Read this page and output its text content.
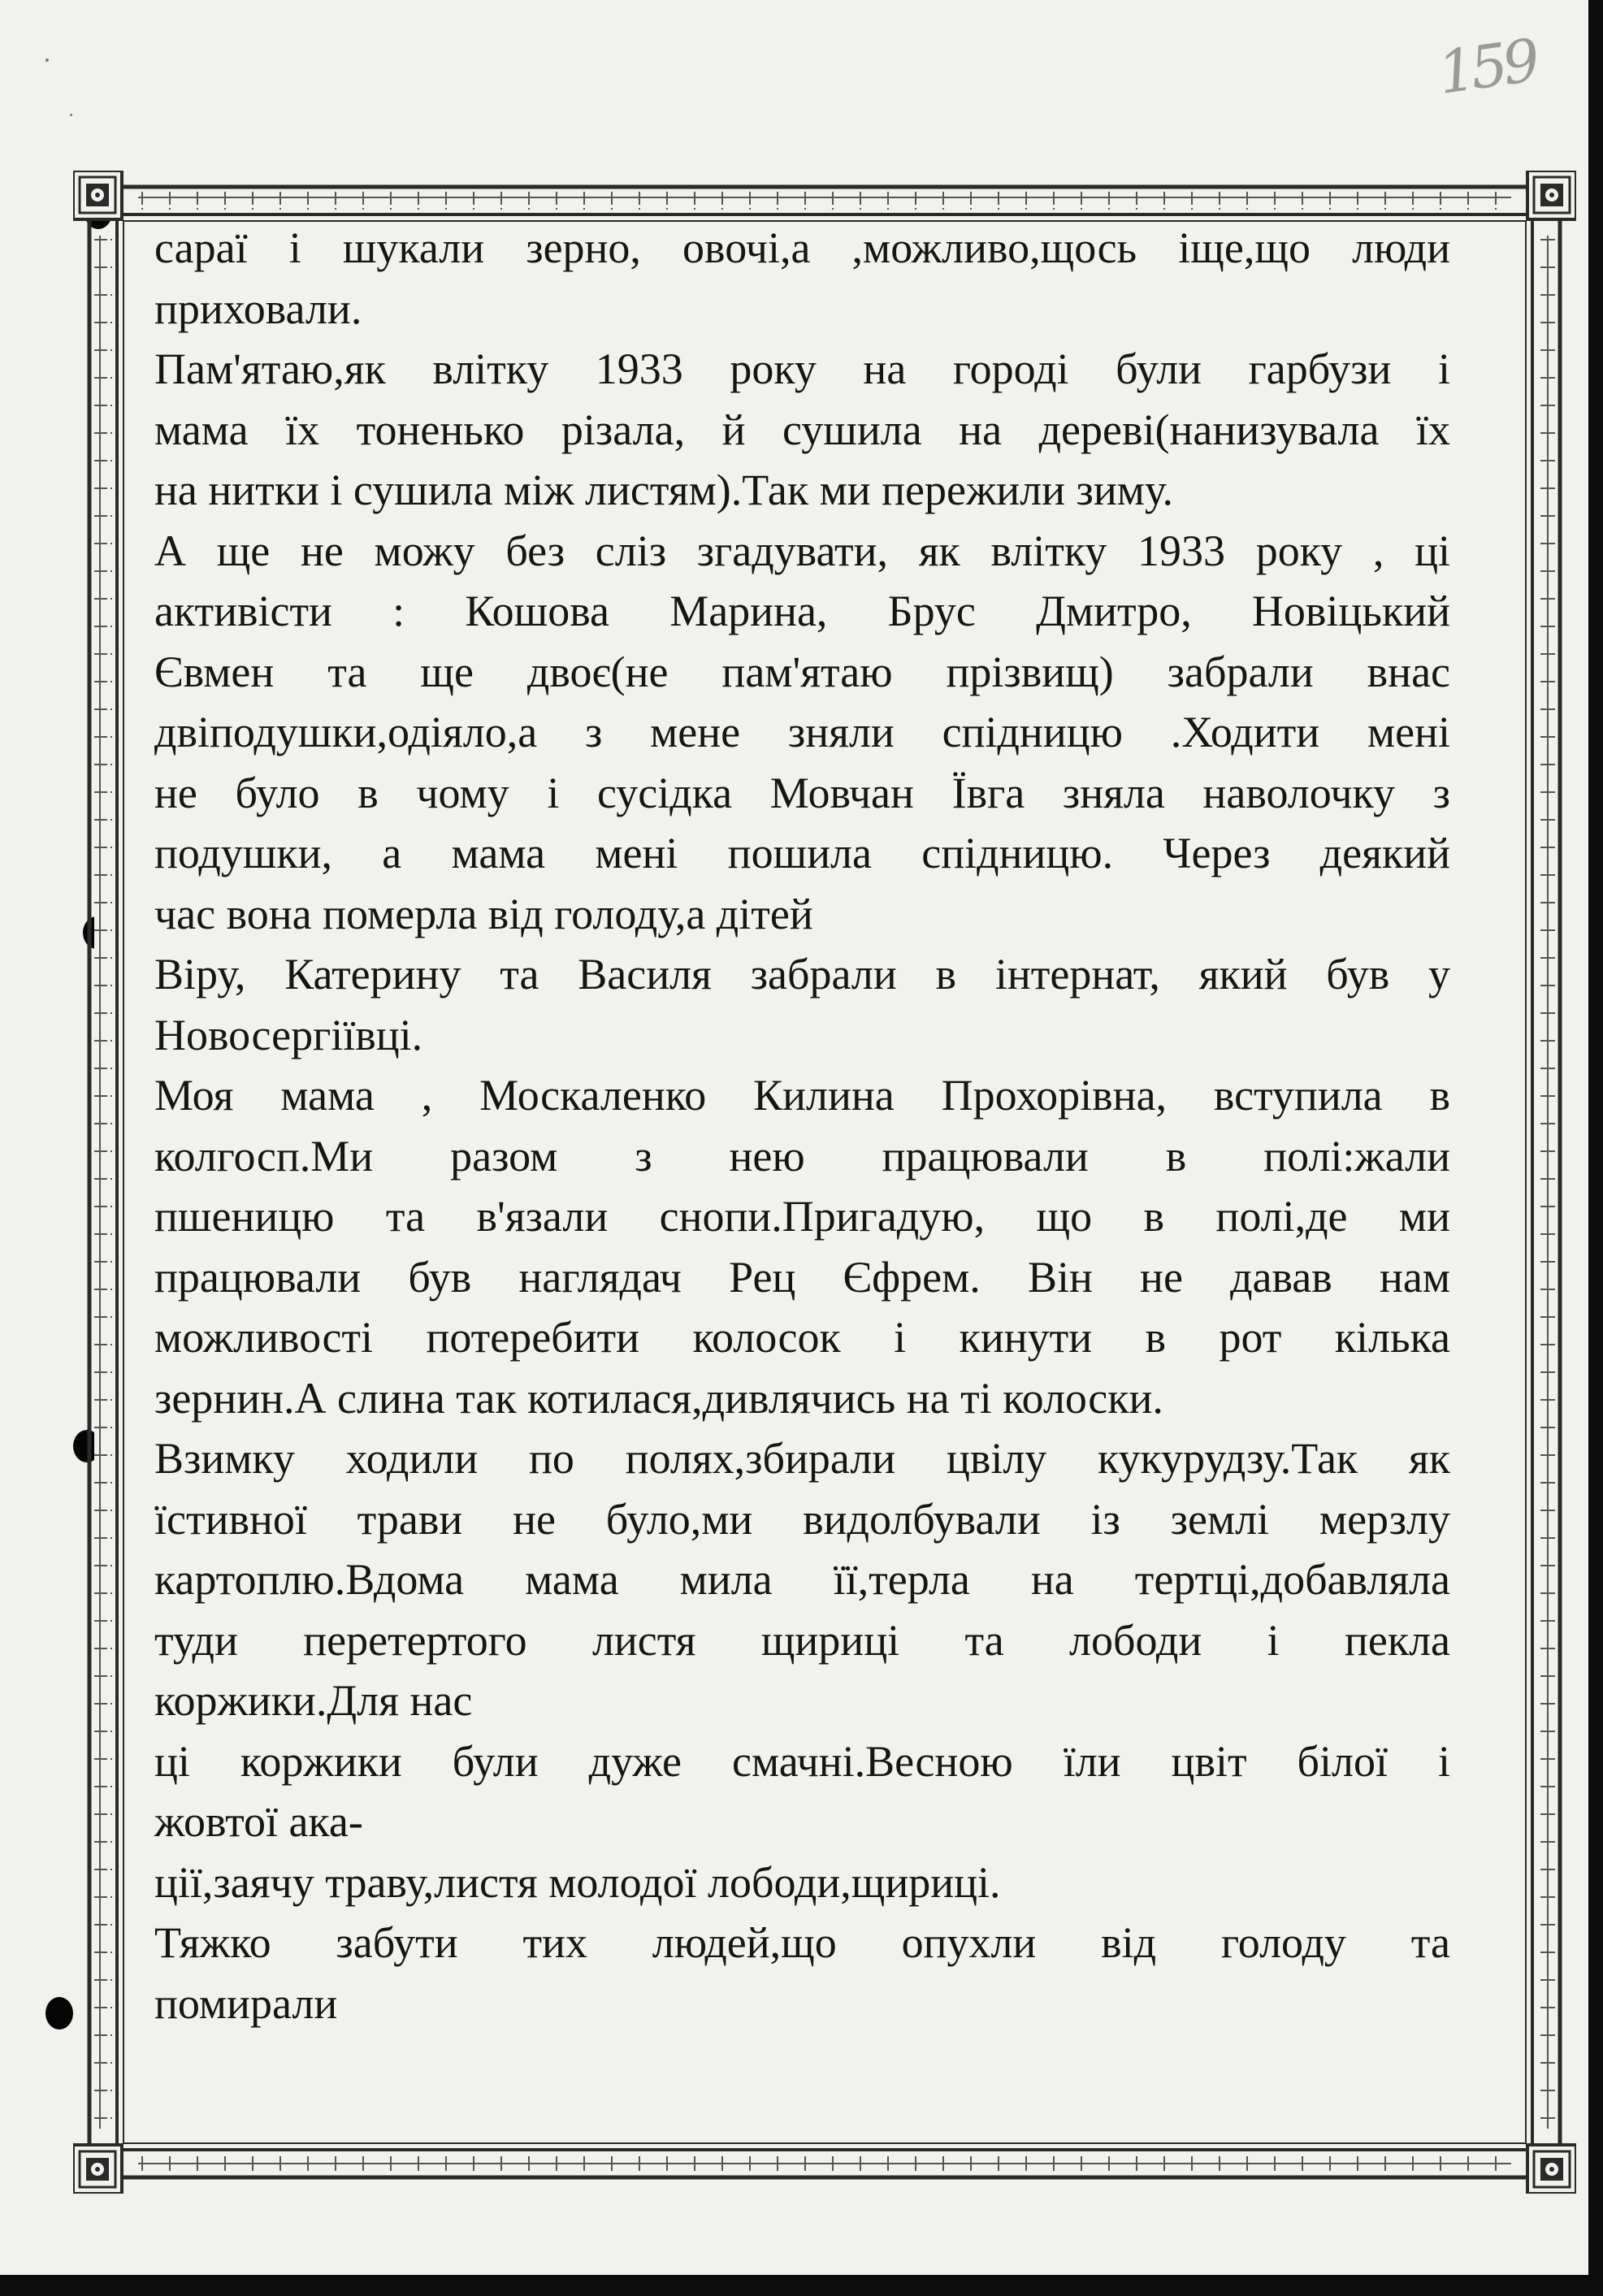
159

сараї і шукали зерно, овочі,а ,можливо,щось іще,що люди
приховали.

Пам'ятаю,як влітку 1933 року на городі були гарбузи і
мама їх тоненько різала, й сушила на дереві(нанизувала їх
на нитки і сушила між листям).Так ми пережили зиму.

А ще не можу без сліз згадувати, як влітку 1933 року , ці
активісти : Кошова Марина, Брус Дмитро, Новіцький
Євмен та ще двоє(не пам'ятаю прізвищ) забрали внас
двіподушки,одіяло,а з мене зняли спідницю .Ходити мені
не було в чому і сусідка Мовчан Ївга зняла наволочку з
подушки, а мама мені пошила спідницю. Через деякий
час вона померла від голоду,а дітей

Віру, Катерину та Василя забрали в інтернат, який був у
Новосергіївці.

Моя мама , Москаленко Килина Прохорівна, вступила в
колгосп.Ми разом з нею працювали в полі:жали
пшеницю та в'язали снопи.Пригадую, що в полі,де ми
працювали був наглядач Рец Єфрем. Він не давав нам
можливості потеребити колосок і кинути в рот кілька
зернин.А слина так котилася,дивлячись на ті колоски.

Взимку ходили по полях,збирали цвілу кукурудзу.Так як
їстивної трави не було,ми видолбували із землі мерзлу
картоплю.Вдома мама мила її,терла на тертці,добавляла
туди перетертого листя щириці та лободи і пекла
коржики.Для нас

ці коржики були дуже смачні.Весною їли цвіт білої і
жовтої ака-

ції,заячу траву,листя молодої лободи,щириці.

Тяжко забути тих людей,що опухли від голоду та
помирали
